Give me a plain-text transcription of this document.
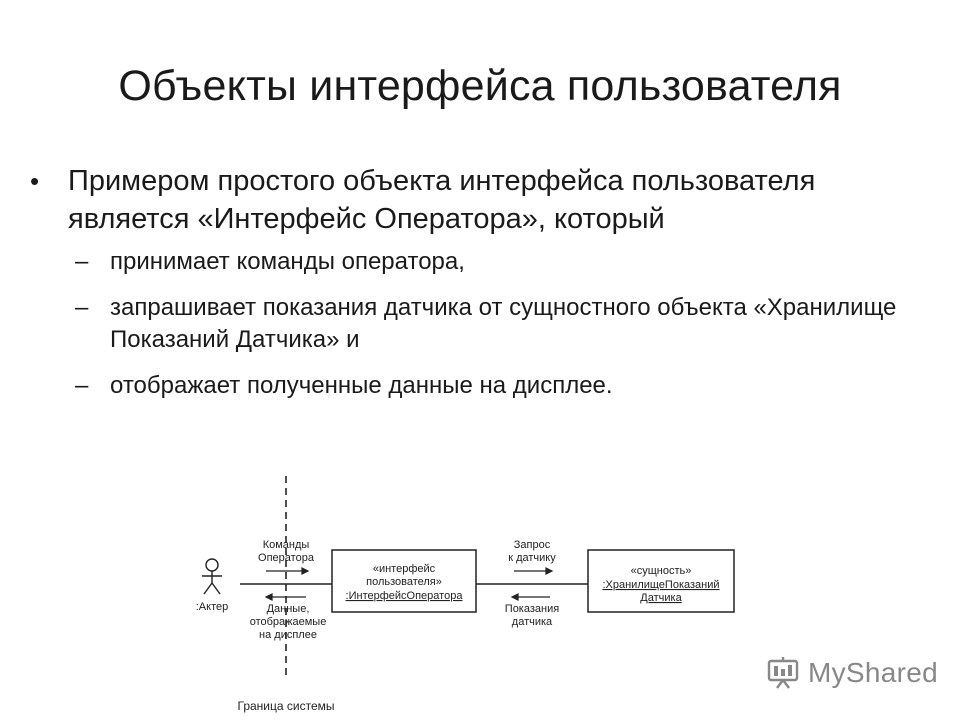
Объекты интерфейса пользователя
• Примером простого объекта интерфейса пользователя является «Интерфейс Оператора», который
– принимает команды оператора,
– запрашивает показания датчика от сущностного объекта «Хранилище Показаний Датчика» и
– отображает полученные данные на дисплее.
Граница системы
:Актер
Команды
Оператора
Данные,
отображаемые
на дисплее
«интерфейс
пользователя»
:ИнтерфейсОператора
Запрос
к датчику
Показания
датчика
«сущность»
:ХранилищеПоказаний
Датчика
MyShared
